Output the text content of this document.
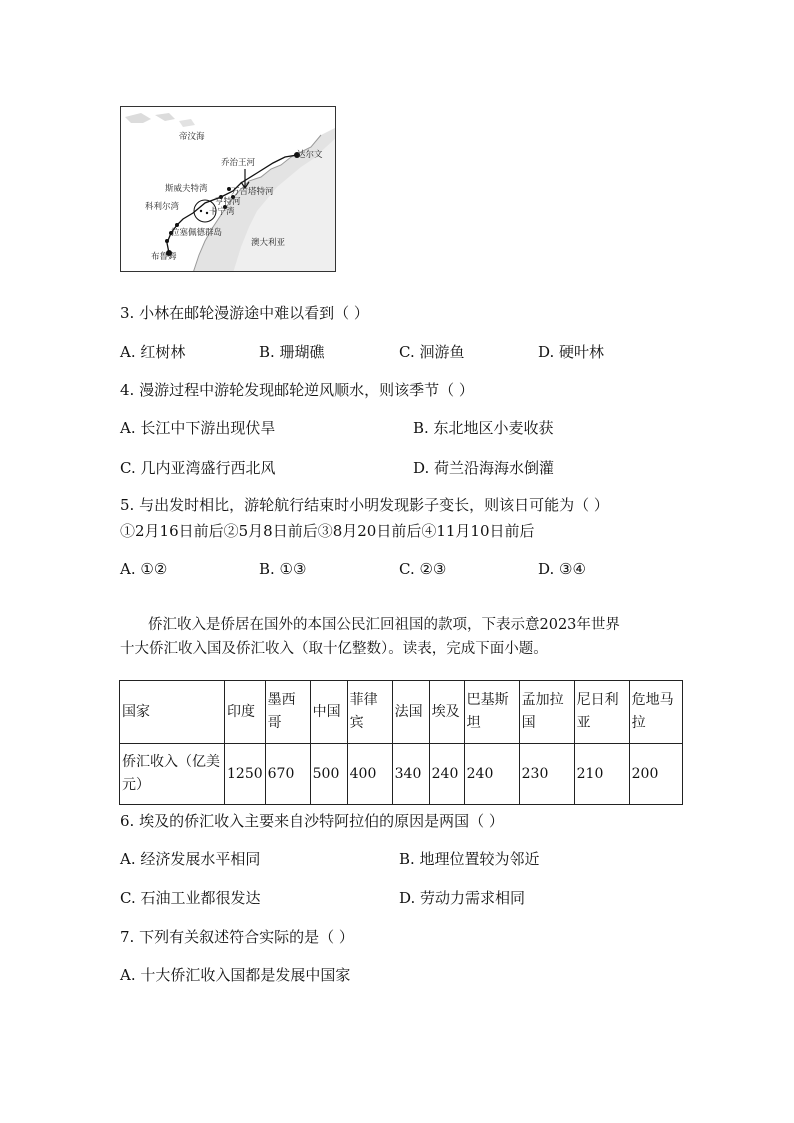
帝汶海
达尔文
乔治王河
斯威夫特湾	万吉塔特河
亨特河
卡宁湾
科利尔湾
拉塞佩德群岛
布鲁姆
澳大利亚
3. 小林在邮轮漫游途中难以看到（ ）
A. 红树林	B. 珊瑚礁	C. 洄游鱼	D. 硬叶林
4. 漫游过程中游轮发现邮轮逆风顺水，则该季节（ ）
A. 长江中下游出现伏旱	B. 东北地区小麦收获
C. 几内亚湾盛行西北风	D. 荷兰沿海海水倒灌
5. 与出发时相比，游轮航行结束时小明发现影子变长，则该日可能为（ ）
①2月16日前后②5月8日前后③8月20日前后④11月10日前后
A. ①②	B. ①③	C. ②③	D. ③④
侨汇收入是侨居在国外的本国公民汇回祖国的款项，下表示意2023年世界
十大侨汇收入国及侨汇收入（取十亿整数）。读表，完成下面小题。
国家	印度	墨西哥	中国	菲律宾	法国	埃及	巴基斯坦	孟加拉国	尼日利亚	危地马拉
侨汇收入（亿美元）	1250	670	500	400	340	240	240	230	210	200
6. 埃及的侨汇收入主要来自沙特阿拉伯的原因是两国（ ）
A. 经济发展水平相同	B. 地理位置较为邻近
C. 石油工业都很发达	D. 劳动力需求相同
7. 下列有关叙述符合实际的是（ ）
A. 十大侨汇收入国都是发展中国家
